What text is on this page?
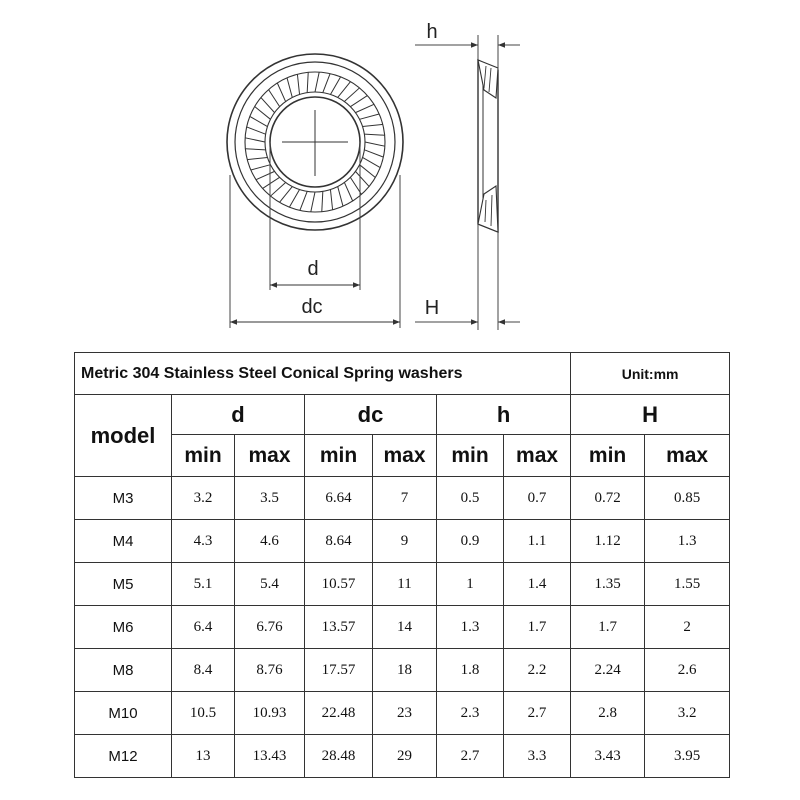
d
dc
h
H
Metric 304 Stainless Steel Conical Spring washers							Unit:mm	
model	d		dc		h		H	
	min	max	min	max	min	max	min	max
M3	3.2	3.5	6.64	7	0.5	0.7	0.72	0.85
M4	4.3	4.6	8.64	9	0.9	1.1	1.12	1.3
M5	5.1	5.4	10.57	11	1	1.4	1.35	1.55
M6	6.4	6.76	13.57	14	1.3	1.7	1.7	2
M8	8.4	8.76	17.57	18	1.8	2.2	2.24	2.6
M10	10.5	10.93	22.48	23	2.3	2.7	2.8	3.2
M12	13	13.43	28.48	29	2.7	3.3	3.43	3.95
